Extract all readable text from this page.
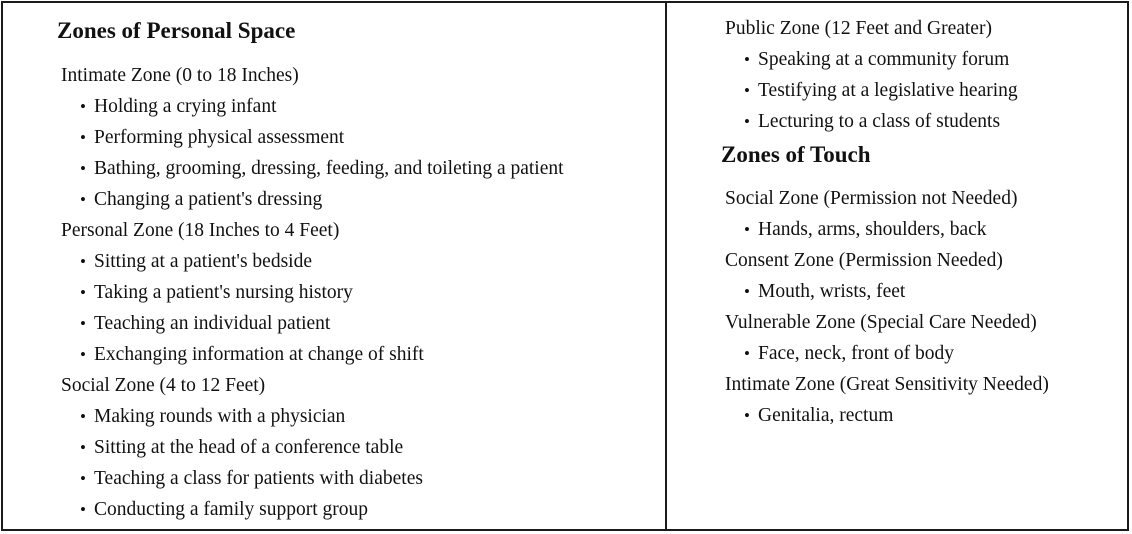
Zones of Personal Space
Intimate Zone (0 to 18 Inches)
• Holding a crying infant
• Performing physical assessment
• Bathing, grooming, dressing, feeding, and toileting a patient
• Changing a patient's dressing
Personal Zone (18 Inches to 4 Feet)
• Sitting at a patient's bedside
• Taking a patient's nursing history
• Teaching an individual patient
• Exchanging information at change of shift
Social Zone (4 to 12 Feet)
• Making rounds with a physician
• Sitting at the head of a conference table
• Teaching a class for patients with diabetes
• Conducting a family support group
Public Zone (12 Feet and Greater)
• Speaking at a community forum
• Testifying at a legislative hearing
• Lecturing to a class of students
Zones of Touch
Social Zone (Permission not Needed)
• Hands, arms, shoulders, back
Consent Zone (Permission Needed)
• Mouth, wrists, feet
Vulnerable Zone (Special Care Needed)
• Face, neck, front of body
Intimate Zone (Great Sensitivity Needed)
• Genitalia, rectum
